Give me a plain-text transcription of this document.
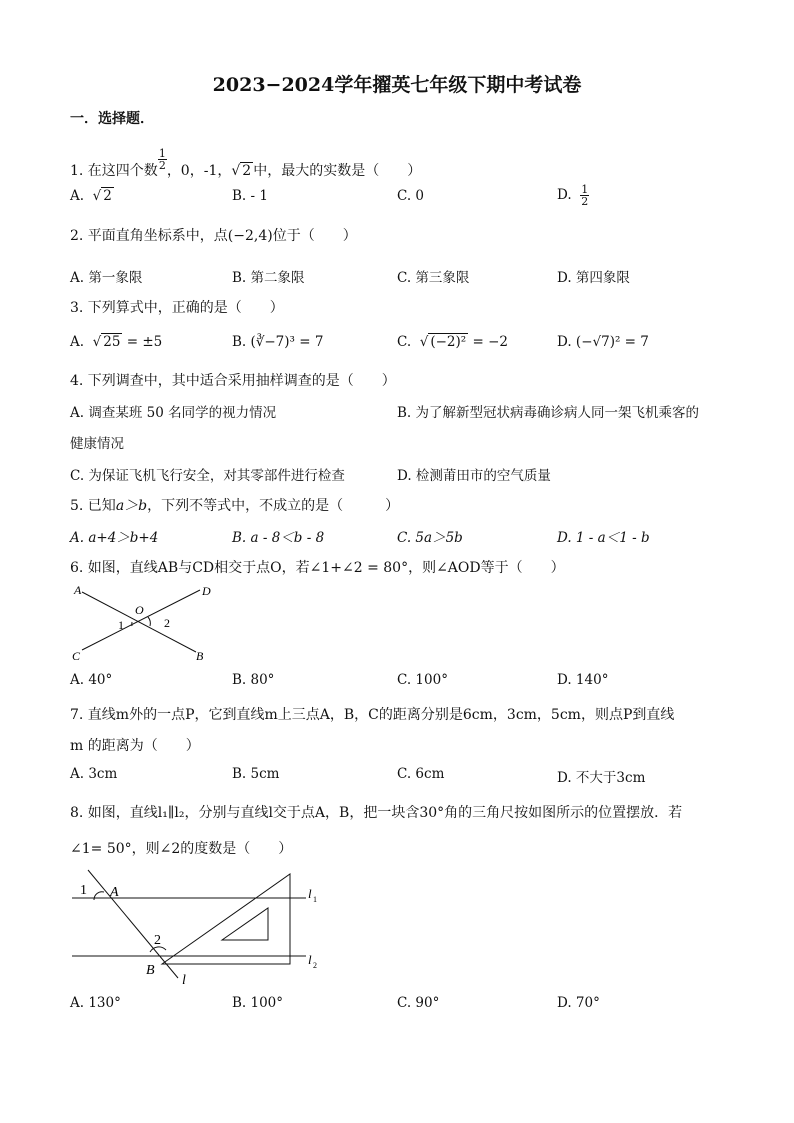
2023−2024学年擢英七年级下期中考试卷
一．选择题．
1. 在这四个数 $\frac{1}{2}$ ，0，-1，√ 2 中，最大的实数是（　　）
A.  √ 2	B. - 1	C. 0	D. $\frac{1}{2}$
2. 平面直角坐标系中，点(−2,4)位于（　　）
A. 第一象限	B. 第二象限	C. 第三象限	D. 第四象限
3. 下列算式中，正确的是（　　）
A.  √ 25 = ±5	B. (∛−7)³ = 7	C.  √ (−2)² = −2	D. (−√7)² = 7
4. 下列调查中，其中适合采用抽样调查的是（　　）
A. 调查某班 50 名同学的视力情况	B. 为了解新型冠状病毒确诊病人同一架飞机乘客的
健康情况
C. 为保证飞机飞行安全，对其零部件进行检查	D. 检测莆田市的空气质量
5. 已知a＞b，下列不等式中，不成立的是（　　　）
A. a+4＞b+4	B. a - 8＜b - 8	C. 5a＞5b	D. 1 - a＜1 - b
6. 如图，直线AB与CD相交于点O，若∠1+∠2 = 80°，则∠AOD等于（　　）
A	D
O
1	2
C	B
A. 40°	B. 80°	C. 100°	D. 140°
7. 直线m外的一点P，它到直线m上三点A，B，C的距离分别是6cm，3cm，5cm，则点P到直线
m 的距离为（　　）
A. 3cm	B. 5cm	C. 6cm	D. 不大于3cm
8. 如图，直线l₁∥l₂，分别与直线l交于点A，B，把一块含30°角的三角尺按如图所示的位置摆放．若
∠1= 50°，则∠2的度数是（　　）
1 A
2
B
l
l 1
l 2
A. 130°	B. 100°	C. 90°	D. 70°
